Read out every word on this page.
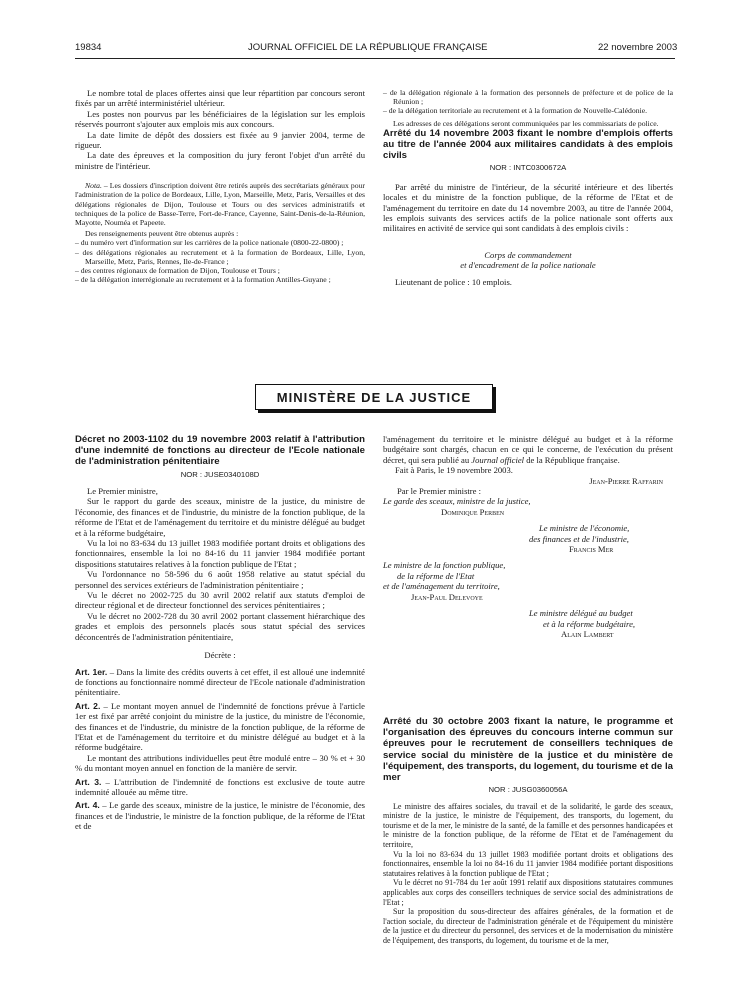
19834	JOURNAL OFFICIEL DE LA RÉPUBLIQUE FRANÇAISE	22 novembre 2003

Le nombre total de places offertes ainsi que leur répartition par concours seront fixés par un arrêté interministériel ultérieur.

Les postes non pourvus par les bénéficiaires de la législation sur les emplois réservés pourront s'ajouter aux emplois mis aux concours.

La date limite de dépôt des dossiers est fixée au 9 janvier 2004, terme de rigueur.

La date des épreuves et la composition du jury feront l'objet d'un arrêté du ministre de l'intérieur.

Nota. – Les dossiers d'inscription doivent être retirés auprès des secrétariats généraux pour l'administration de la police de Bordeaux, Lille, Lyon, Marseille, Metz, Paris, Versailles et des délégations régionales de Dijon, Toulouse et Tours ou des services administratifs et techniques de la police de Basse-Terre, Fort-de-France, Cayenne, Saint-Denis-de-la-Réunion, Mayotte, Nouméa et Papeete.

Des renseignements peuvent être obtenus auprès :

– du numéro vert d'information sur les carrières de la police nationale (0800-22-0800) ;

– des délégations régionales au recrutement et à la formation de Bordeaux, Lille, Lyon, Marseille, Metz, Paris, Rennes, Ile-de-France ;

– des centres régionaux de formation de Dijon, Toulouse et Tours ;

– de la délégation interrégionale au recrutement et à la formation Antilles-Guyane ;

– de la délégation régionale à la formation des personnels de préfecture et de police de la Réunion ;

– de la délégation territoriale au recrutement et à la formation de Nouvelle-Calédonie.

Les adresses de ces délégations seront communiquées par les commissariats de police.

Arrêté du 14 novembre 2003 fixant le nombre d'emplois offerts au titre de l'année 2004 aux militaires candidats à des emplois civils

NOR : INTC0300672A

Par arrêté du ministre de l'intérieur, de la sécurité intérieure et des libertés locales et du ministre de la fonction publique, de la réforme de l'Etat et de l'aménagement du territoire en date du 14 novembre 2003, au titre de l'année 2004, les emplois suivants des services actifs de la police nationale sont offerts aux militaires en activité de service qui sont candidats à des emplois civils :

Corps de commandement
et d'encadrement de la police nationale

Lieutenant de police : 10 emplois.

MINISTÈRE DE LA JUSTICE

Décret no 2003-1102 du 19 novembre 2003 relatif à l'attribution d'une indemnité de fonctions au directeur de l'Ecole nationale de l'administration pénitentiaire

NOR : JUSE0340108D

Le Premier ministre,

Sur le rapport du garde des sceaux, ministre de la justice, du ministre de l'économie, des finances et de l'industrie, du ministre de la fonction publique, de la réforme de l'Etat et de l'aménagement du territoire et du ministre délégué au budget et à la réforme budgétaire,

Vu la loi no 83-634 du 13 juillet 1983 modifiée portant droits et obligations des fonctionnaires, ensemble la loi no 84-16 du 11 janvier 1984 modifiée portant dispositions statutaires relatives à la fonction publique de l'Etat ;

Vu l'ordonnance no 58-596 du 6 août 1958 relative au statut spécial du personnel des services extérieurs de l'administration pénitentiaire ;

Vu le décret no 2002-725 du 30 avril 2002 relatif aux statuts d'emploi de directeur régional et de directeur fonctionnel des services pénitentiaires ;

Vu le décret no 2002-728 du 30 avril 2002 portant classement hiérarchique des grades et emplois des personnels placés sous statut spécial des services déconcentrés de l'administration pénitentiaire,

Décrète :

Art. 1er. – Dans la limite des crédits ouverts à cet effet, il est alloué une indemnité de fonctions au fonctionnaire nommé directeur de l'Ecole nationale d'administration pénitentiaire.

Art. 2. – Le montant moyen annuel de l'indemnité de fonctions prévue à l'article 1er est fixé par arrêté conjoint du ministre de la justice, du ministre de l'économie, des finances et de l'industrie, du ministre de la fonction publique, de la réforme de l'Etat et de l'aménagement du territoire et du ministre délégué au budget et à la réforme budgétaire.

Le montant des attributions individuelles peut être modulé entre – 30 % et + 30 % du montant moyen annuel en fonction de la manière de servir.

Art. 3. – L'attribution de l'indemnité de fonctions est exclusive de toute autre indemnité allouée au même titre.

Art. 4. – Le garde des sceaux, ministre de la justice, le ministre de l'économie, des finances et de l'industrie, le ministre de la fonction publique, de la réforme de l'Etat et de

l'aménagement du territoire et le ministre délégué au budget et à la réforme budgétaire sont chargés, chacun en ce qui le concerne, de l'exécution du présent décret, qui sera publié au Journal officiel de la République française.

Fait à Paris, le 19 novembre 2003.

Jean-Pierre Raffarin
Par le Premier ministre :
Le garde des sceaux, ministre de la justice,
Dominique Perben
Le ministre de l'économie,
des finances et de l'industrie,
Francis Mer
Le ministre de la fonction publique,
de la réforme de l'Etat
et de l'aménagement du territoire,
Jean-Paul Delevoye
Le ministre délégué au budget
et à la réforme budgétaire,
Alain Lambert

Arrêté du 30 octobre 2003 fixant la nature, le programme et l'organisation des épreuves du concours interne commun sur épreuves pour le recrutement de conseillers techniques de service social du ministère de la justice et du ministère de l'équipement, des transports, du logement, du tourisme et de la mer

NOR : JUSG0360056A

Le ministre des affaires sociales, du travail et de la solidarité, le garde des sceaux, ministre de la justice, le ministre de l'équipement, des transports, du logement, du tourisme et de la mer, le ministre de la santé, de la famille et des personnes handicapées et le ministre de la fonction publique, de la réforme de l'Etat et de l'aménagement du territoire,

Vu la loi no 83-634 du 13 juillet 1983 modifiée portant droits et obligations des fonctionnaires, ensemble la loi no 84-16 du 11 janvier 1984 modifiée portant dispositions statutaires relatives à la fonction publique de l'Etat ;

Vu le décret no 91-784 du 1er août 1991 relatif aux dispositions statutaires communes applicables aux corps des conseillers techniques de service social des administrations de l'Etat ;

Sur la proposition du sous-directeur des affaires générales, de la formation et de l'action sociale, du directeur de l'administration générale et de l'équipement du ministère de la justice et du directeur du personnel, des services et de la modernisation du ministère de l'équipement, des transports, du logement, du tourisme et de la mer,
